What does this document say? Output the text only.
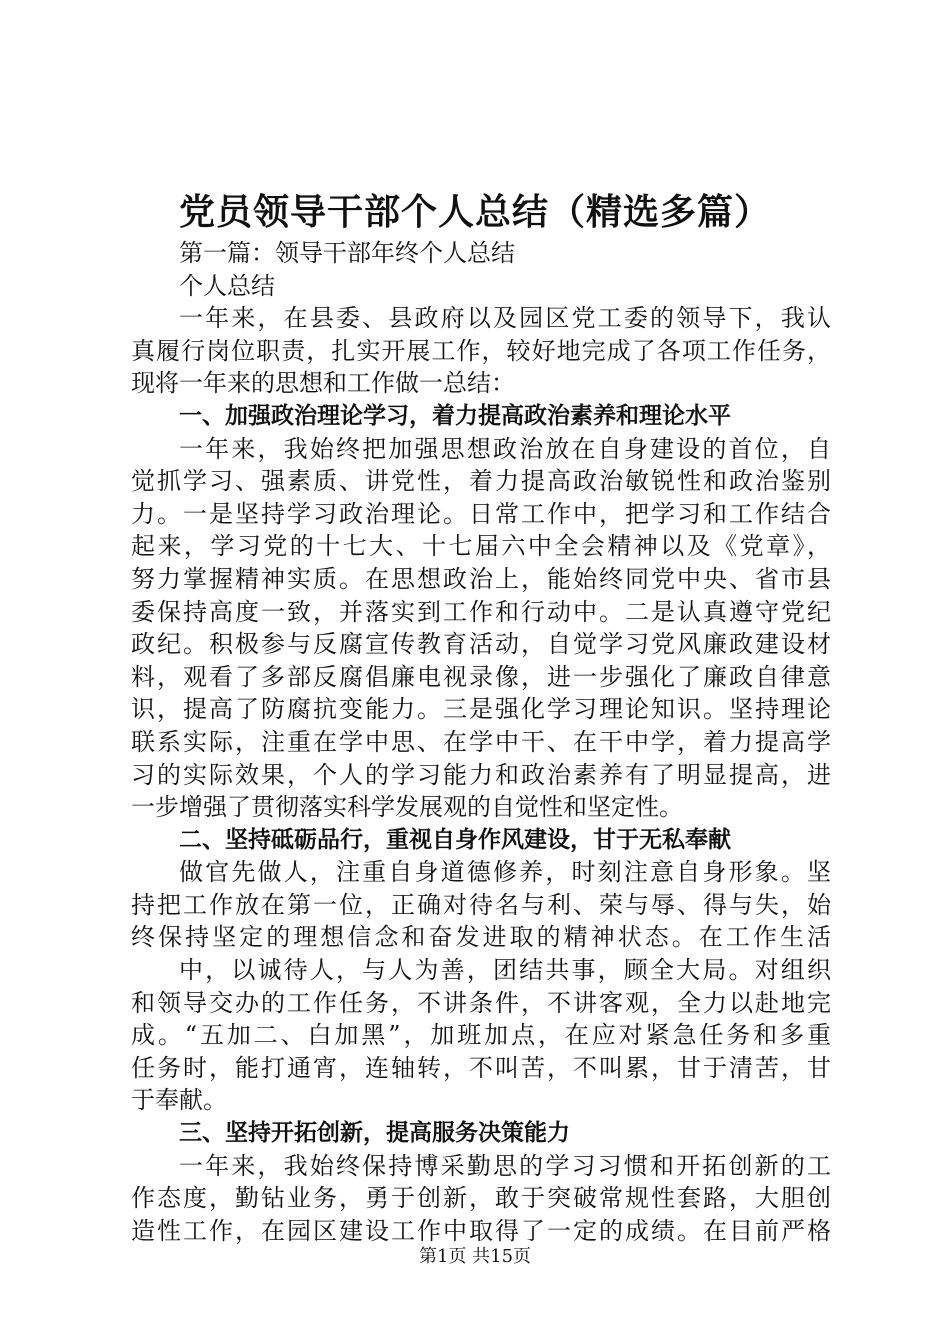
党员领导干部个人总结（精选多篇）
第一篇：领导干部年终个人总结
个人总结
一年来，在县委、县政府以及园区党工委的领导下，我认
真履行岗位职责，扎实开展工作，较好地完成了各项工作任务，
现将一年来的思想和工作做一总结：
一、加强政治理论学习，着力提高政治素养和理论水平
一年来，我始终把加强思想政治放在自身建设的首位，自
觉抓学习、强素质、讲党性，着力提高政治敏锐性和政治鉴别
力。一是坚持学习政治理论。日常工作中，把学习和工作结合
起来，学习党的十七大、十七届六中全会精神以及《党章》，
努力掌握精神实质。在思想政治上，能始终同党中央、省市县
委保持高度一致，并落实到工作和行动中。二是认真遵守党纪
政纪。积极参与反腐宣传教育活动，自觉学习党风廉政建设材
料，观看了多部反腐倡廉电视录像，进一步强化了廉政自律意
识，提高了防腐抗变能力。三是强化学习理论知识。坚持理论
联系实际，注重在学中思、在学中干、在干中学，着力提高学
习的实际效果，个人的学习能力和政治素养有了明显提高，进
一步增强了贯彻落实科学发展观的自觉性和坚定性。
二、坚持砥砺品行，重视自身作风建设，甘于无私奉献
做官先做人，注重自身道德修养，时刻注意自身形象。坚
持把工作放在第一位，正确对待名与利、荣与辱、得与失，始
终保持坚定的理想信念和奋发进取的精神状态。在工作生活
中，以诚待人，与人为善，团结共事，顾全大局。对组织
和领导交办的工作任务，不讲条件，不讲客观，全力以赴地完
成。“五加二、白加黑”，加班加点，在应对紧急任务和多重
任务时，能打通宵，连轴转，不叫苦，不叫累，甘于清苦，甘
于奉献。
三、坚持开拓创新，提高服务决策能力
一年来，我始终保持博采勤思的学习习惯和开拓创新的工
作态度，勤钻业务，勇于创新，敢于突破常规性套路，大胆创
造性工作，在园区建设工作中取得了一定的成绩。在目前严格
第1页 共15页
